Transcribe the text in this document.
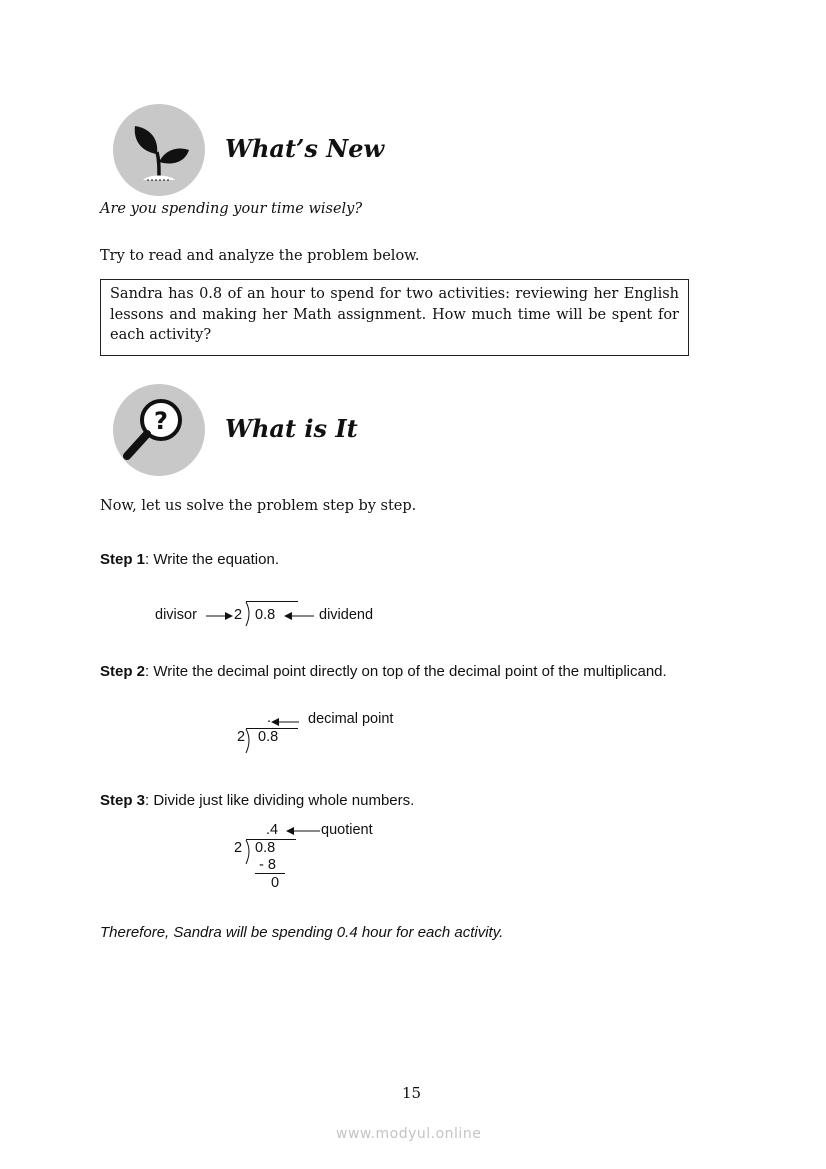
What’s New
Are you spending your time wisely?
Try to read and analyze the problem below.
Sandra has 0.8 of an hour to spend for two activities: reviewing her English lessons and making her Math assignment. How much time will be spent for each activity?
? What is It
Now, let us solve the problem step by step.
Step 1: Write the equation.
divisor	2 0.8	dividend
Step 2: Write the decimal point directly on top of the decimal point of the multiplicand.
.	decimal point
2 0.8
Step 3: Divide just like dividing whole numbers.
.4	quotient
2 0.8
- 8
0
Therefore, Sandra will be spending 0.4 hour for each activity.
15
www.modyul.online
